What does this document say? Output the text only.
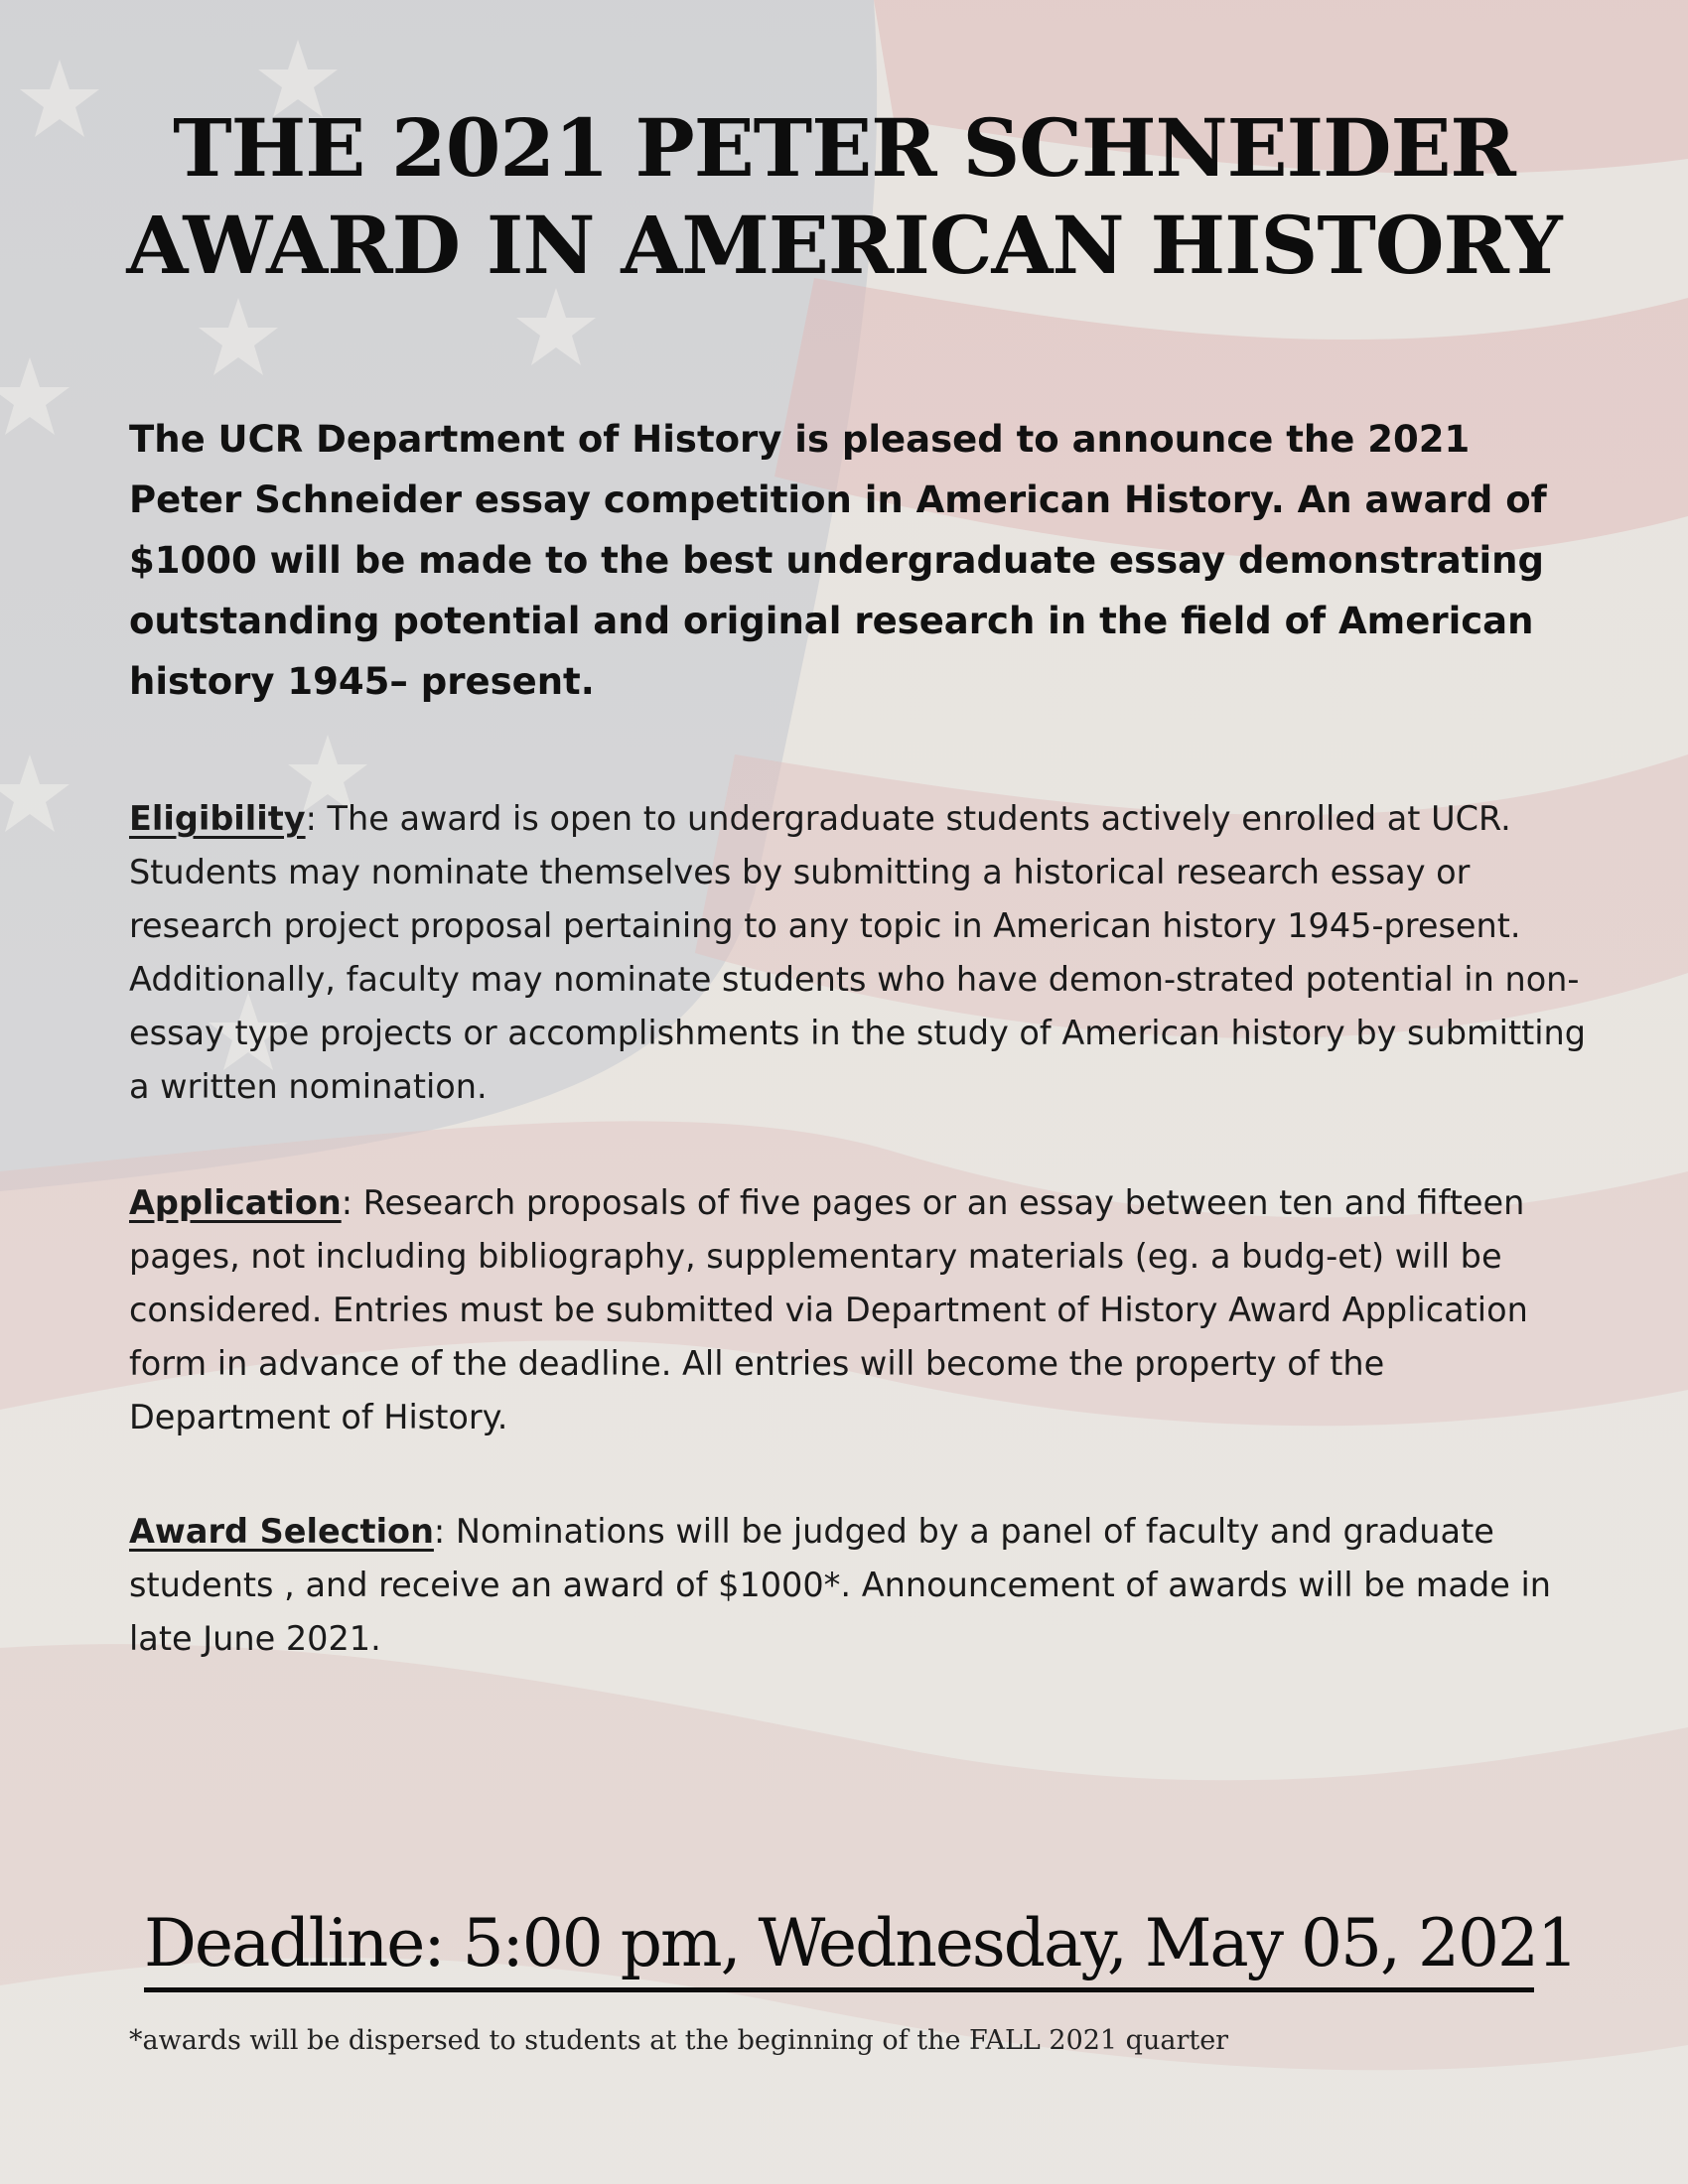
THE 2021 PETER SCHNEIDER
AWARD IN AMERICAN HISTORY
The UCR Department of History is pleased to announce the 2021 Peter Schneider essay competition in American History. An award of $1000 will be made to the best undergraduate essay demonstrating outstanding potential and original research in the field of American history 1945– present.
Eligibility: The award is open to undergraduate students actively enrolled at UCR. Students may nominate themselves by submitting a historical research essay or research project proposal pertaining to any topic in American history 1945-present. Additionally, faculty may nominate students who have demon-strated potential in non-essay type projects or accomplishments in the study of American history by submitting a written nomination.
Application: Research proposals of five pages or an essay between ten and fifteen pages, not including bibliography, supplementary materials (eg. a budg-et) will be considered. Entries must be submitted via Department of History Award Application form in advance of the deadline. All entries will become the property of the Department of History.
Award Selection: Nominations will be judged by a panel of faculty and graduate students , and receive an award of $1000*. Announcement of awards will be made in late June 2021.
Deadline: 5:00 pm, Wednesday, May 05, 2021
*awards will be dispersed to students at the beginning of the FALL 2021 quarter
